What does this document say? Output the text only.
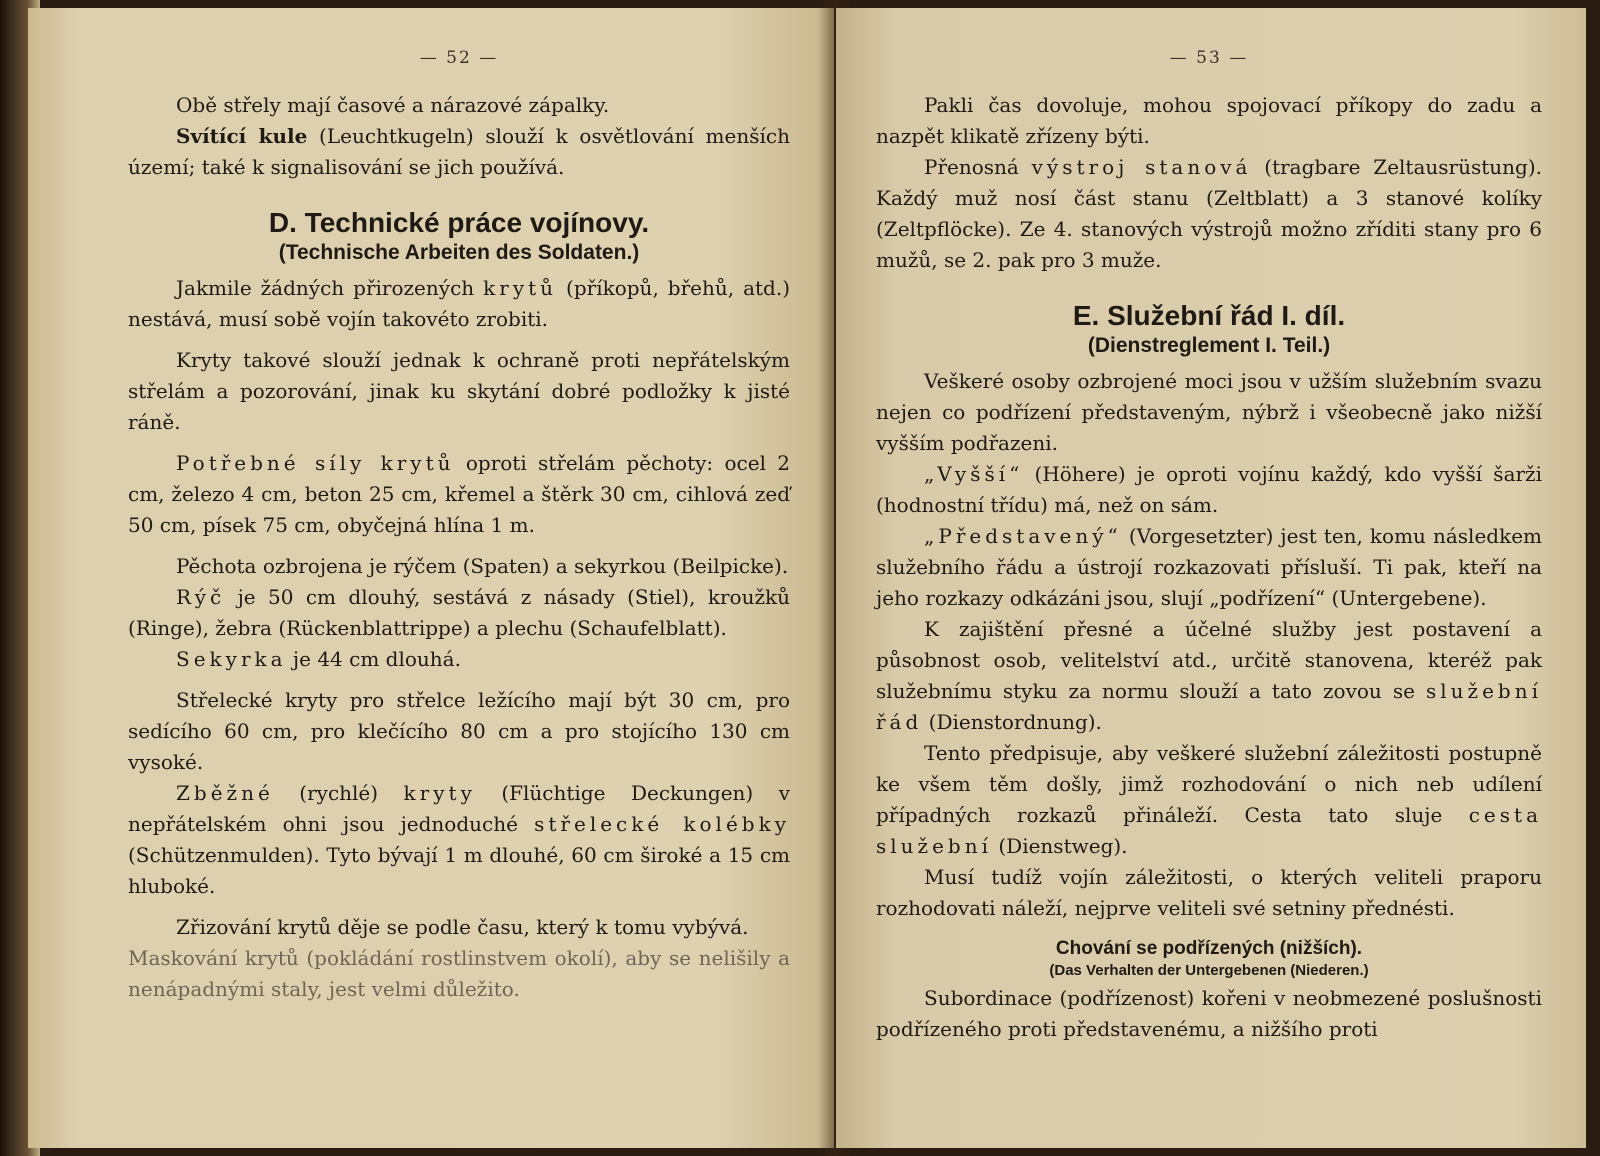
— 52 —

Obě střely mají časové a nárazové zápalky.

Svítící kule (Leuchtkugeln) slouží k osvětlování menších území; také k signalisování se jich používá.

D. Technické práce vojínovy.
(Technische Arbeiten des Soldaten.)

Jakmile žádných přirozených krytů (příkopů, břehů, atd.) nestává, musí sobě vojín takovéto zrobiti.

Kryty takové slouží jednak k ochraně proti nepřátelským střelám a pozorování, jinak ku skytání dobré podložky k jisté ráně.

Potřebné síly krytů oproti střelám pěchoty: ocel 2 cm, železo 4 cm, beton 25 cm, křemel a štěrk 30 cm, cihlová zeď 50 cm, písek 75 cm, obyčejná hlína 1 m.

Pěchota ozbrojena je rýčem (Spaten) a sekyrkou (Beilpicke).

Rýč je 50 cm dlouhý, sestává z násady (Stiel), kroužků (Ringe), žebra (Rückenblattrippe) a plechu (Schaufelblatt).

Sekyrka je 44 cm dlouhá.

Střelecké kryty pro střelce ležícího mají být 30 cm, pro sedícího 60 cm, pro klečícího 80 cm a pro stojícího 130 cm vysoké.

Zběžné (rychlé) kryty (Flüchtige Deckungen) v nepřátelském ohni jsou jednoduché střelecké kolébky (Schützenmulden). Tyto bývají 1 m dlouhé, 60 cm široké a 15 cm hluboké.

Zřizování krytů děje se podle času, který k tomu vybývá.

Maskování krytů (pokládání rostlinstvem okolí), aby se nelišily a nenápadnými staly, jest velmi důležito.

— 53 —

Pakli čas dovoluje, mohou spojovací příkopy do zadu a nazpět klikatě zřízeny býti.

Přenosná výstroj stanová (tragbare Zeltausrüstung). Každý muž nosí část stanu (Zeltblatt) a 3 stanové kolíky (Zeltpflöcke). Ze 4. stanových výstrojů možno zříditi stany pro 6 mužů, se 2. pak pro 3 muže.

E. Služební řád I. díl.
(Dienstreglement I. Teil.)

Veškeré osoby ozbrojené moci jsou v užším služebním svazu nejen co podřízení představeným, nýbrž i všeobecně jako nižší vyšším podřazeni.

„Vyšší“ (Höhere) je oproti vojínu každý, kdo vyšší šarži (hodnostní třídu) má, než on sám.

„Představený“ (Vorgesetzter) jest ten, komu následkem služebního řádu a ústrojí rozkazovati přísluší. Ti pak, kteří na jeho rozkazy odkázáni jsou, slují „podřízení“ (Untergebene).

K zajištění přesné a účelné služby jest postavení a působnost osob, velitelství atd., určitě stanovena, kteréž pak služebnímu styku za normu slouží a tato zovou se služební řád (Dienstordnung).

Tento předpisuje, aby veškeré služební záležitosti postupně ke všem těm došly, jimž rozhodování o nich neb udílení případných rozkazů přináleží. Cesta tato sluje cesta služební (Dienstweg).

Musí tudíž vojín záležitosti, o kterých veliteli praporu rozhodovati náleží, nejprve veliteli své setniny přednésti.

Chování se podřízených (nižších).
(Das Verhalten der Untergebenen (Niederen.)

Subordinace (podřízenost) kořeni v neobmezené poslušnosti podřízeného proti představenému, a nižšího proti
